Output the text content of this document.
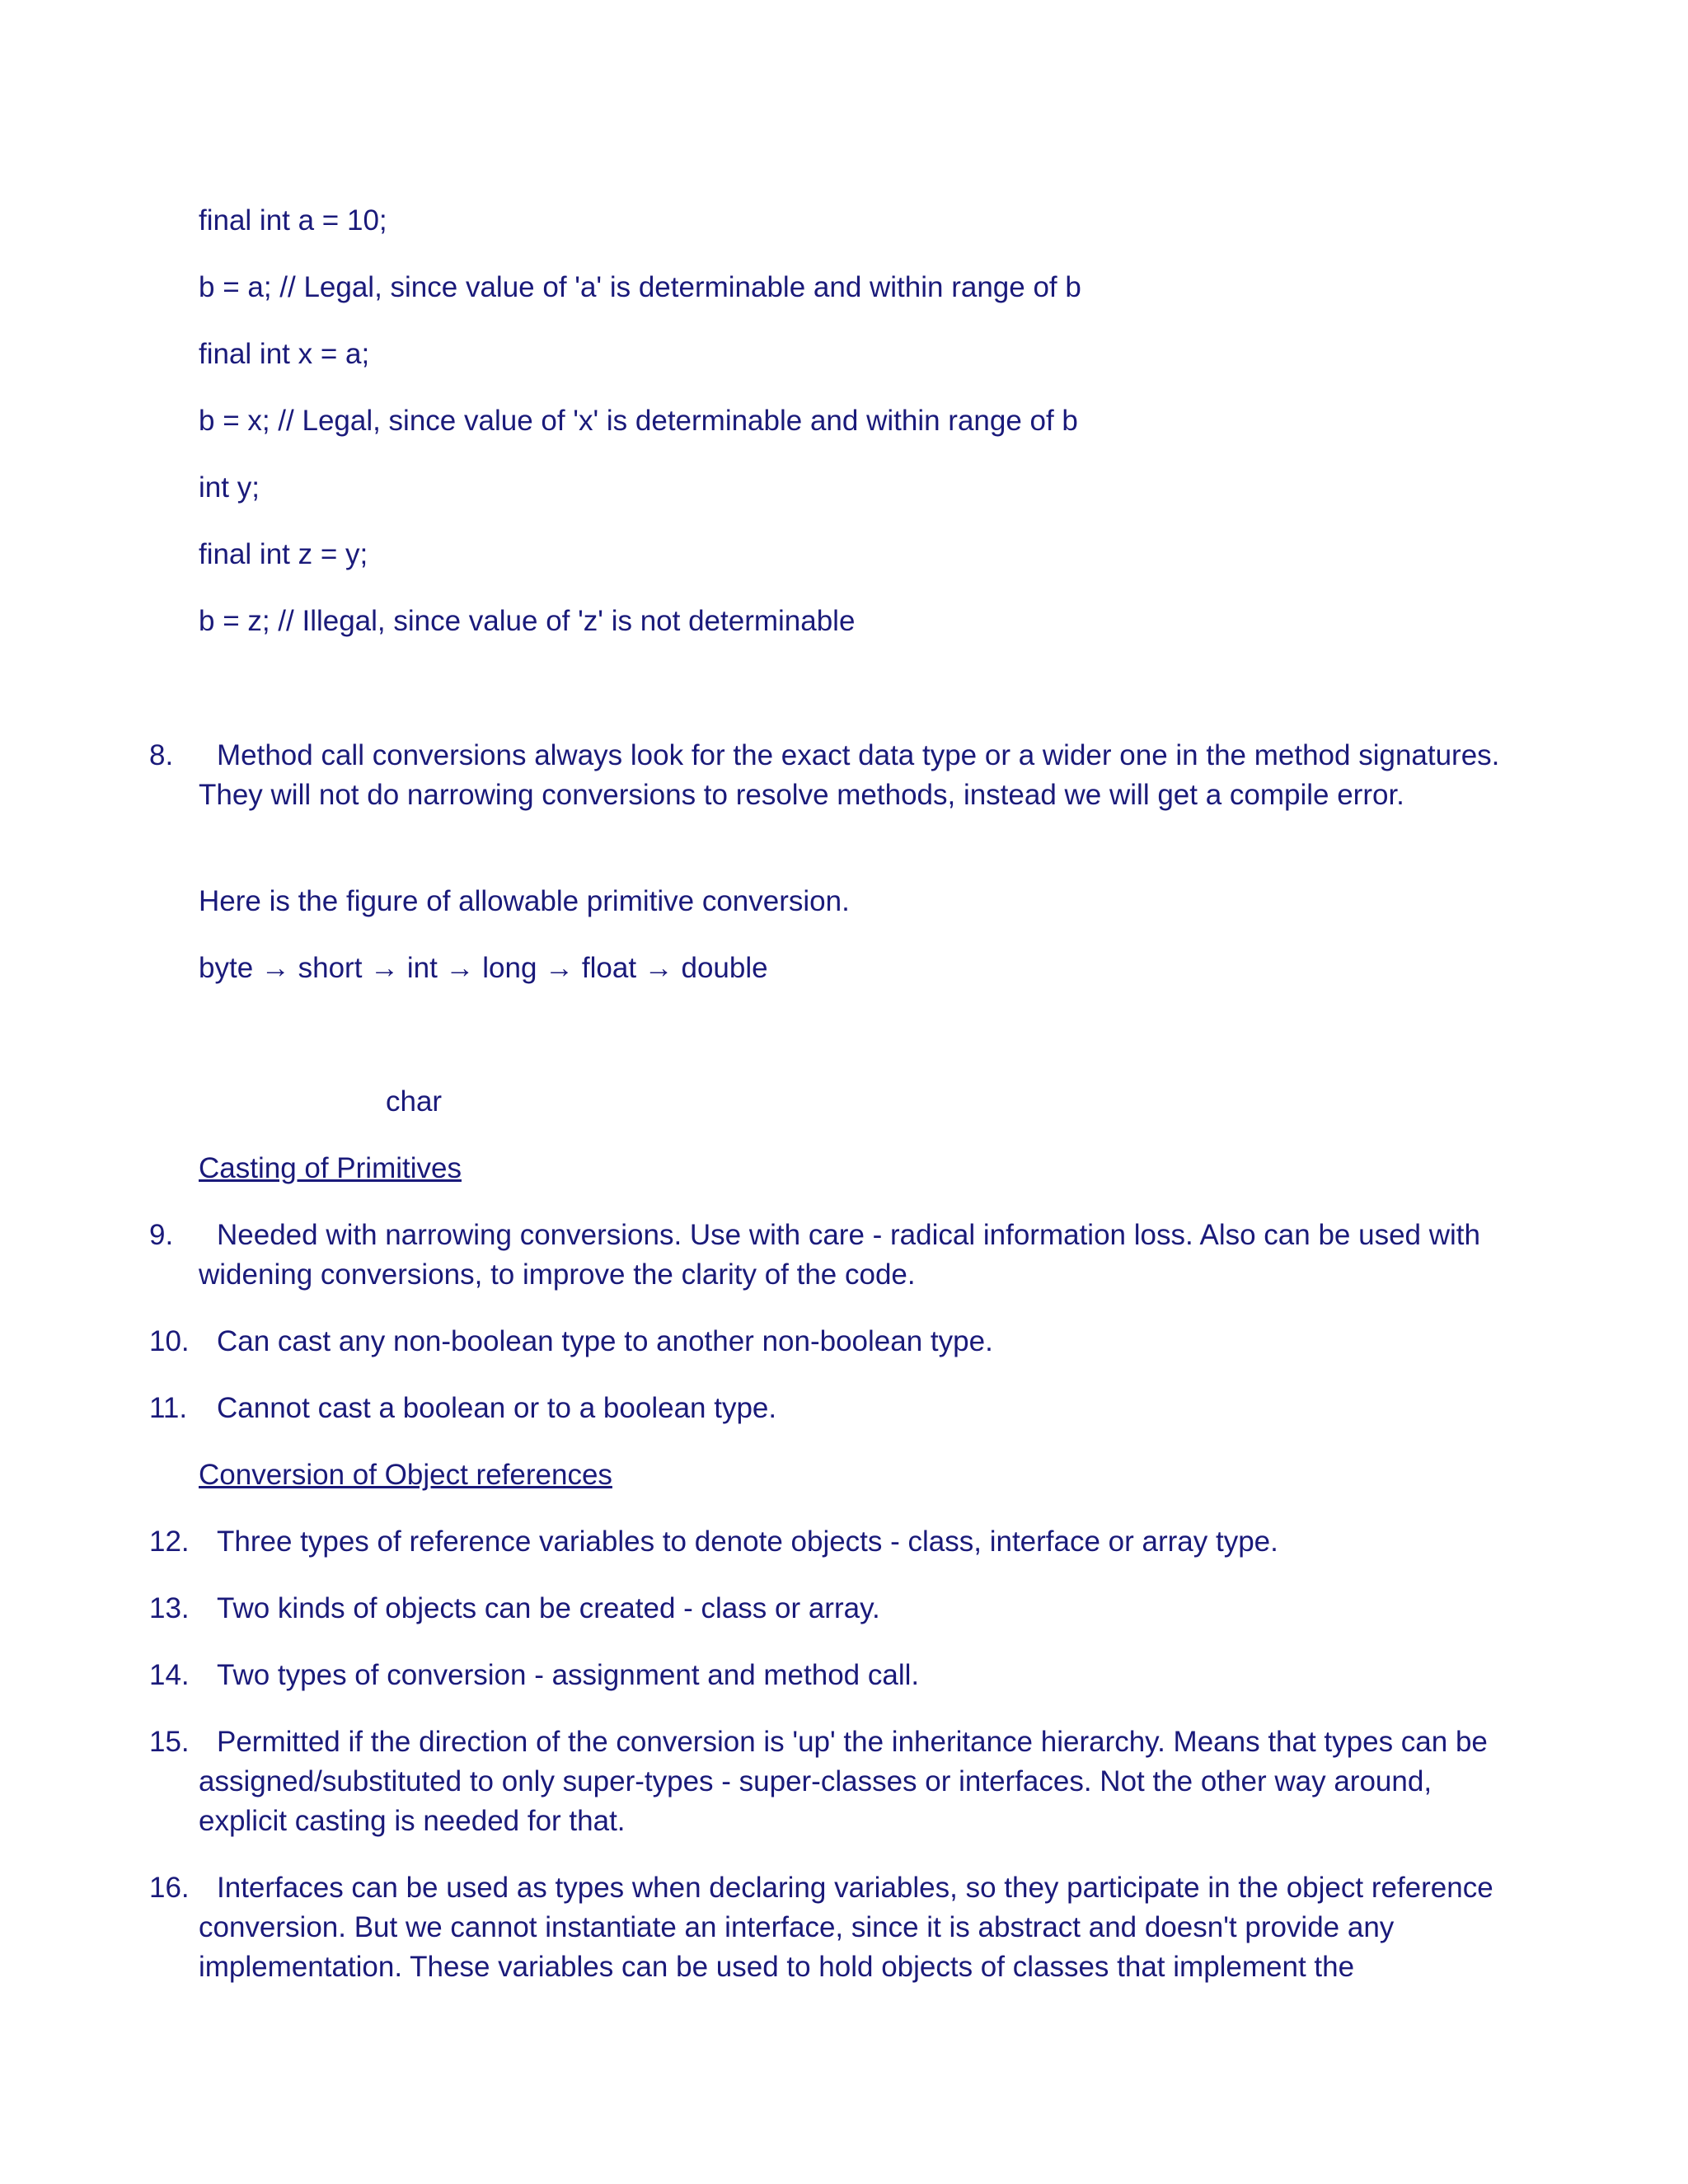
final int a = 10;
b = a; // Legal, since value of 'a' is determinable and within range of b
final int x = a;
b = x; // Legal, since value of 'x' is determinable and within range of b
int y;
final int z = y;
b = z; // Illegal, since value of 'z' is not determinable
8.	Method call conversions always look for the exact data type or a wider one in the method signatures. They will not do narrowing conversions to resolve methods, instead we will get a compile error.
Here is the figure of allowable primitive conversion.
byte → short → int → long → float → double
char
Casting of Primitives
9.	Needed with narrowing conversions. Use with care - radical information loss. Also can be used with widening conversions, to improve the clarity of the code.
10. Can cast any non-boolean type to another non-boolean type.
11.	Cannot cast a boolean or to a boolean type.
Conversion of Object references
12. Three types of reference variables to denote objects - class, interface or array type.
13. Two kinds of objects can be created - class or array.
14. Two types of conversion - assignment and method call.
15. Permitted if the direction of the conversion is 'up' the inheritance hierarchy. Means that types can be assigned/substituted to only super-types - super-classes or interfaces. Not the other way around, explicit casting is needed for that.
16. Interfaces can be used as types when declaring variables, so they participate in the object reference conversion. But we cannot instantiate an interface, since it is abstract and doesn't provide any implementation. These variables can be used to hold objects of classes that implement the
